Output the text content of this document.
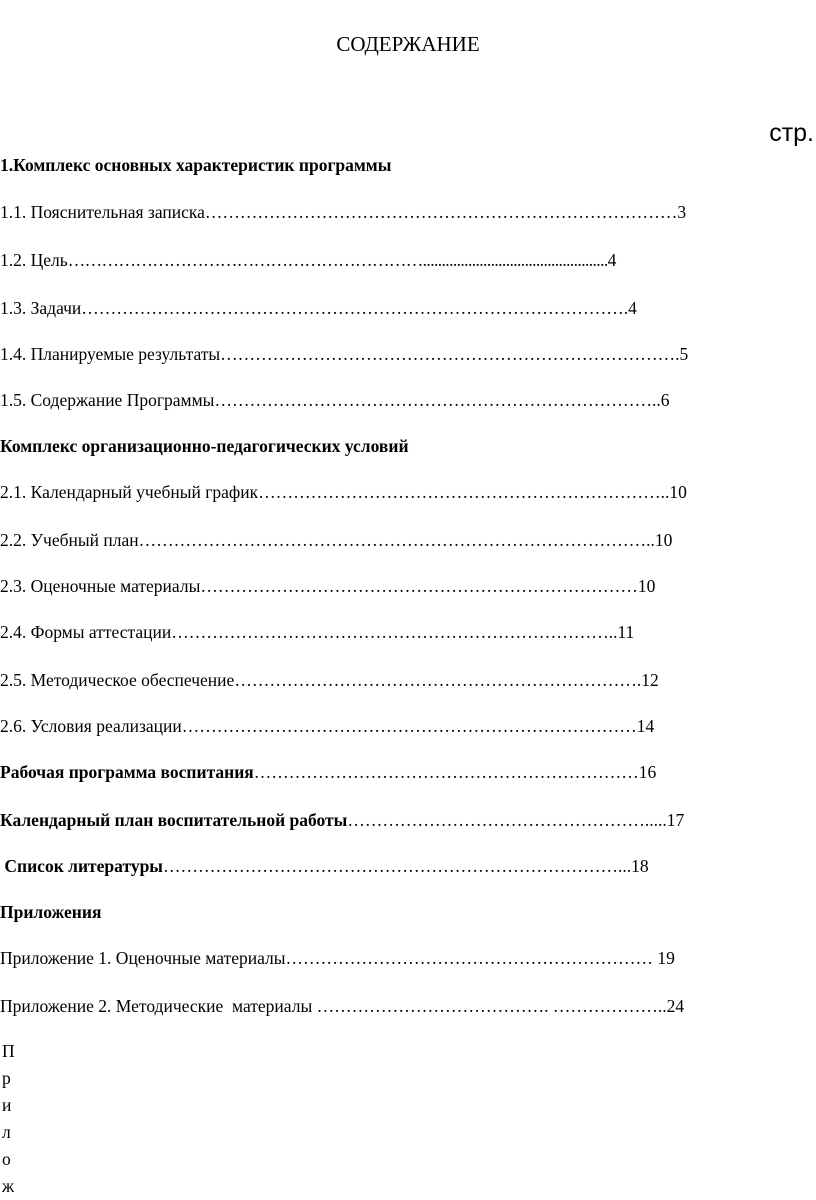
СОДЕРЖАНИЕ
стр.
1.Комплекс основных характеристик программы
1.1. Пояснительная записка………………………………………………………………………3
1.2. Цель……………………………………………………….................................................4
1.3. Задачи………………………………………………………………………………….4
1.4. Планируемые результаты…………………………………………………………………….5
1.5. Содержание Программы…………………………………………………………………..6
Комплекс организационно-педагогических условий
2.1. Календарный учебный график……………………………………………………………..10
2.2. Учебный план……………………………………………………………………………..10
2.3. Оценочные материалы…………………………………………………………………10
2.4. Формы аттестации…………………………………………………………………..11
2.5. Методическое обеспечение…………………………………………………………….12
2.6. Условия реализации……………………………………………………………………14
Рабочая программа воспитания…………………………………………………………16
Календарный план воспитательной работы…………………………………………….....17
Список литературы……………………………………………………………………...18
Приложения
Приложение 1. Оценочные материалы……………………………………………………… 19
Приложение 2. Методические  материалы …………………………………. ………………..24
П
р
и
л
о
ж
